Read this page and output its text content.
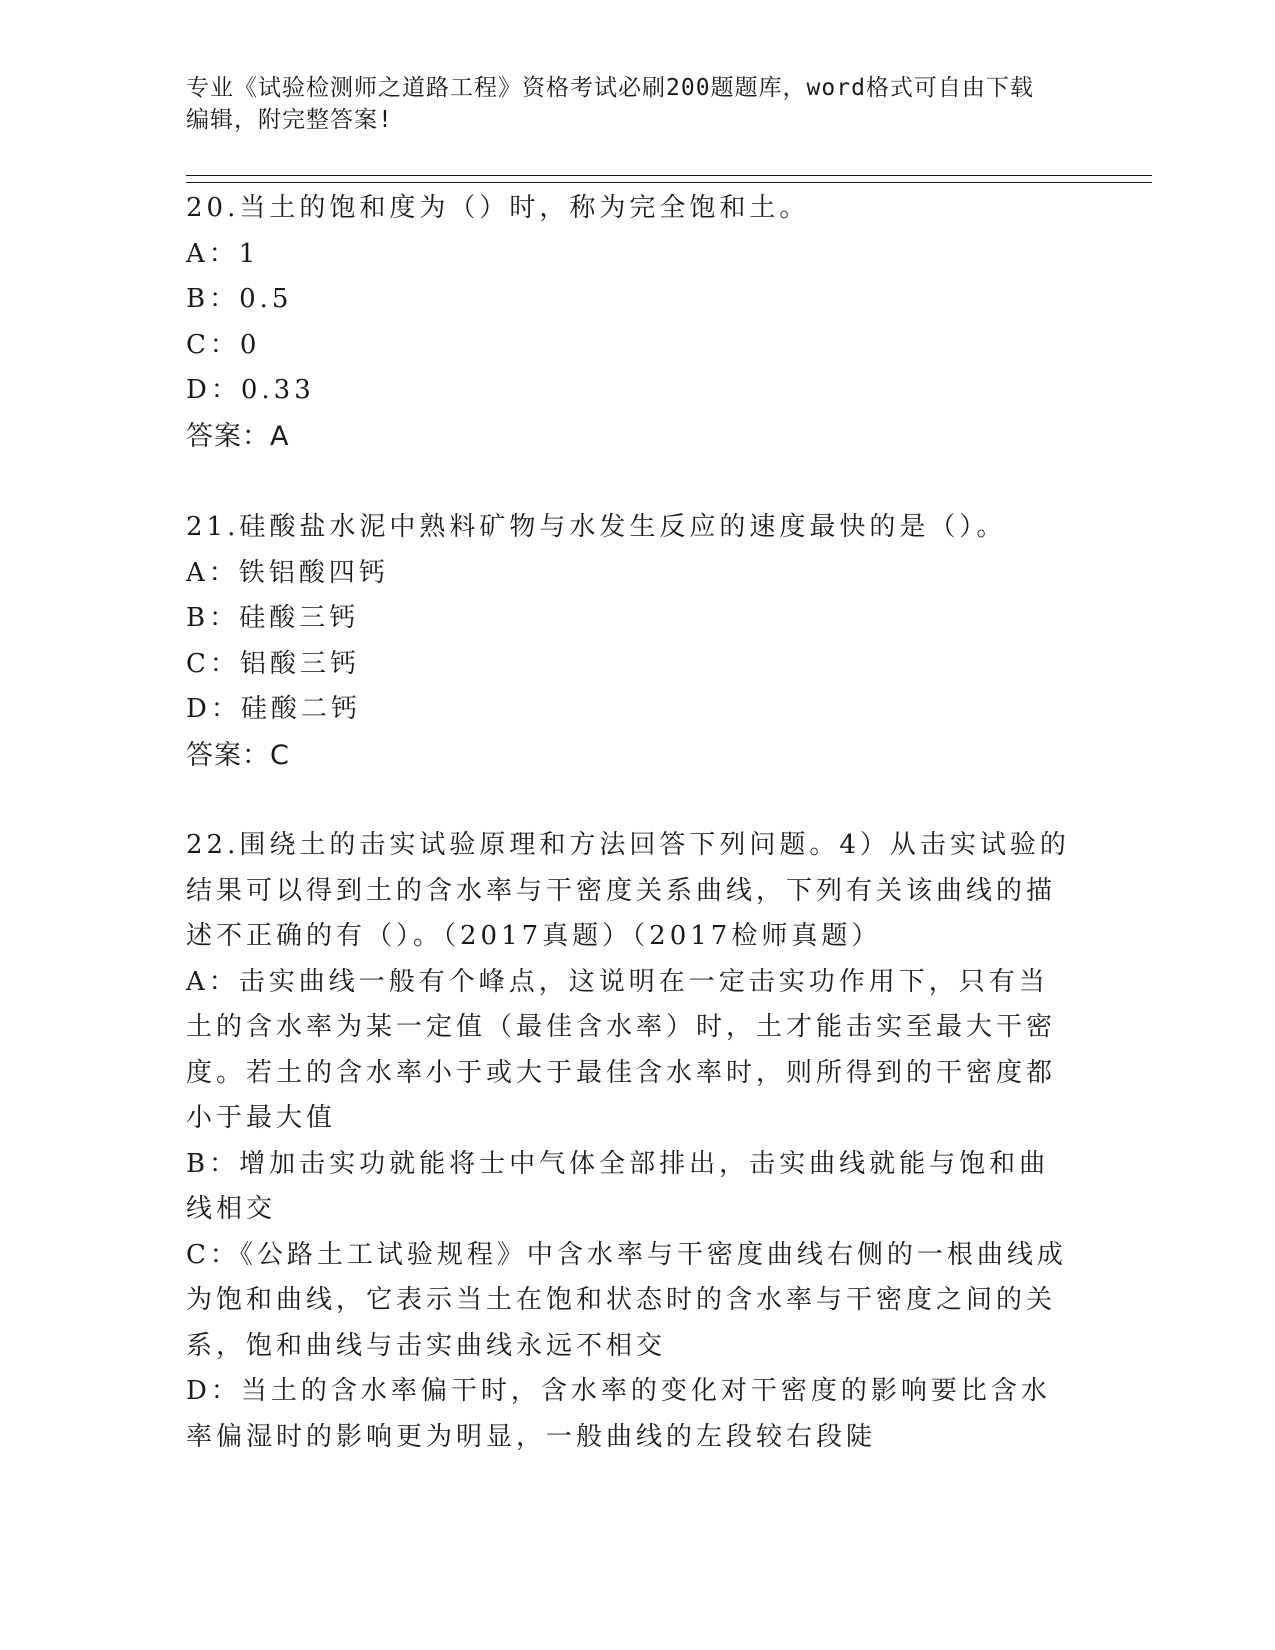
专业《试验检测师之道路工程》资格考试必刷200题题库，word格式可自由下载
编辑，附完整答案!
20.当土的饱和度为（）时，称为完全饱和土。
A：1
B：0.5
C：0
D：0.33
答案：A
21.硅酸盐水泥中熟料矿物与水发生反应的速度最快的是（）。
A：铁铝酸四钙
B：硅酸三钙
C：铝酸三钙
D：硅酸二钙
答案：C
22.围绕土的击实试验原理和方法回答下列问题。4）从击实试验的结果可以得到土的含水率与干密度关系曲线，下列有关该曲线的描述不正确的有（）。（2017真题）（2017检师真题）
A：击实曲线一般有个峰点，这说明在一定击实功作用下，只有当土的含水率为某一定值（最佳含水率）时，土才能击实至最大干密度。若土的含水率小于或大于最佳含水率时，则所得到的干密度都小于最大值
B：增加击实功就能将士中气体全部排出，击实曲线就能与饱和曲线相交
C：《公路土工试验规程》中含水率与干密度曲线右侧的一根曲线成为饱和曲线，它表示当土在饱和状态时的含水率与干密度之间的关系，饱和曲线与击实曲线永远不相交
D：当土的含水率偏干时，含水率的变化对干密度的影响要比含水率偏湿时的影响更为明显，一般曲线的左段较右段陡
